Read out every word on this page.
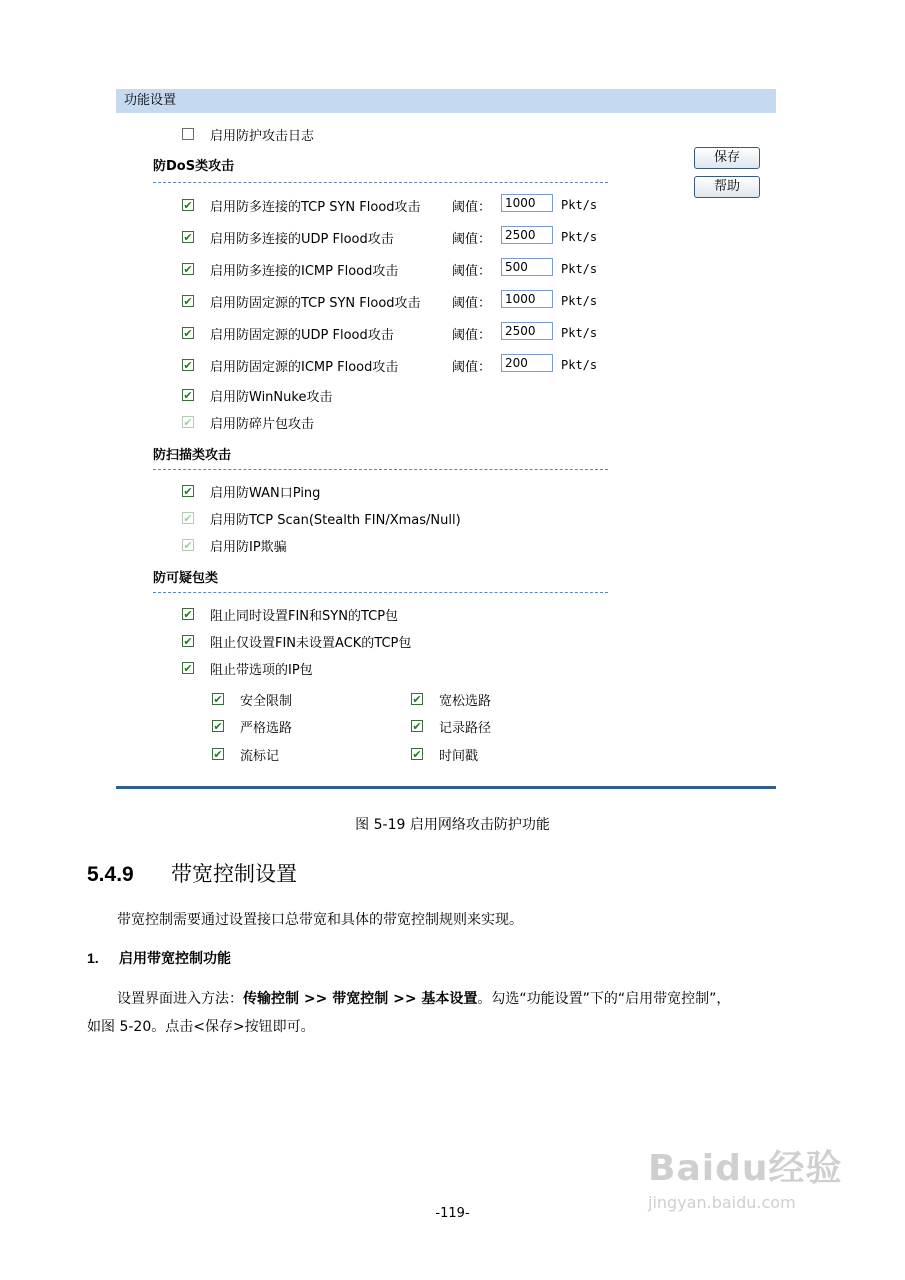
功能设置
启用防护攻击日志
保存
帮助
防DoS类攻击
✔ 启用防多连接的TCP SYN Flood攻击 阈值：	1000	Pkt/s
✔ 启用防多连接的UDP Flood攻击	阈值：	2500	Pkt/s
✔ 启用防多连接的ICMP Flood攻击	阈值：	500	Pkt/s
✔ 启用防固定源的TCP SYN Flood攻击 阈值：	1000	Pkt/s
✔ 启用防固定源的UDP Flood攻击	阈值：	2500	Pkt/s
✔ 启用防固定源的ICMP Flood攻击	阈值：	200	Pkt/s
✔ 启用防WinNuke攻击
✔ 启用防碎片包攻击
防扫描类攻击
✔ 启用防WAN口Ping
✔ 启用防TCP Scan(Stealth FIN/Xmas/Null)
✔ 启用防IP欺骗
防可疑包类
✔ 阻止同时设置FIN和SYN的TCP包
✔ 阻止仅设置FIN未设置ACK的TCP包
✔ 阻止带选项的IP包
✔ 安全限制	✔ 宽松选路
✔ 严格选路	✔ 记录路径
✔ 流标记	✔ 时间戳
图 5-19 启用网络攻击防护功能
5.4.9 带宽控制设置
带宽控制需要通过设置接口总带宽和具体的带宽控制规则来实现。
1. 启用带宽控制功能
设置界面进入方法：传输控制 >> 带宽控制 >> 基本设置。勾选“功能设置”下的“启用带宽控制”，
如图 5-20。点击<保存>按钮即可。
-119-
Baidu经验
jingyan.baidu.com
